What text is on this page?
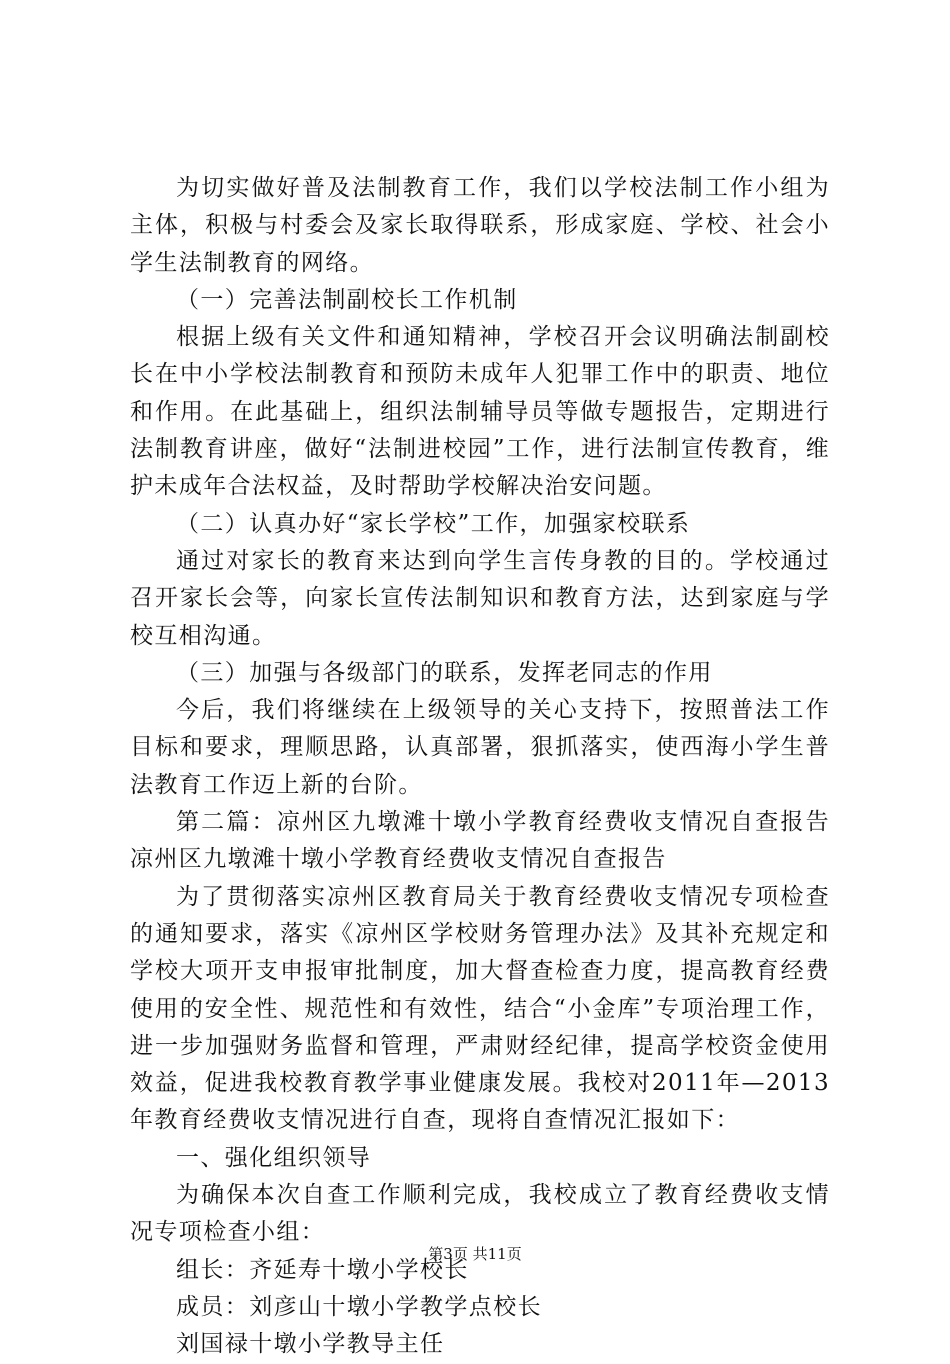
为切实做好普及法制教育工作，我们以学校法制工作小组为主体，积极与村委会及家长取得联系，形成家庭、学校、社会小学生法制教育的网络。

（一）完善法制副校长工作机制

根据上级有关文件和通知精神，学校召开会议明确法制副校长在中小学校法制教育和预防未成年人犯罪工作中的职责、地位和作用。在此基础上，组织法制辅导员等做专题报告，定期进行法制教育讲座，做好“法制进校园”工作，进行法制宣传教育，维护未成年合法权益，及时帮助学校解决治安问题。

（二）认真办好“家长学校”工作，加强家校联系

通过对家长的教育来达到向学生言传身教的目的。学校通过召开家长会等，向家长宣传法制知识和教育方法，达到家庭与学校互相沟通。

（三）加强与各级部门的联系，发挥老同志的作用

今后，我们将继续在上级领导的关心支持下，按照普法工作目标和要求，理顺思路，认真部署，狠抓落实，使西海小学生普法教育工作迈上新的台阶。

第二篇：凉州区九墩滩十墩小学教育经费收支情况自查报告凉州区九墩滩十墩小学教育经费收支情况自查报告

为了贯彻落实凉州区教育局关于教育经费收支情况专项检查的通知要求，落实《凉州区学校财务管理办法》及其补充规定和学校大项开支申报审批制度，加大督查检查力度，提高教育经费使用的安全性、规范性和有效性，结合“小金库”专项治理工作，进一步加强财务监督和管理，严肃财经纪律，提高学校资金使用效益，促进我校教育教学事业健康发展。我校对2011年—2013年教育经费收支情况进行自查，现将自查情况汇报如下：

一、强化组织领导

为确保本次自查工作顺利完成，我校成立了教育经费收支情况专项检查小组：

组长：齐延寿十墩小学校长

成员：刘彦山十墩小学教学点校长

刘国禄十墩小学教导主任

第3页 共11页
